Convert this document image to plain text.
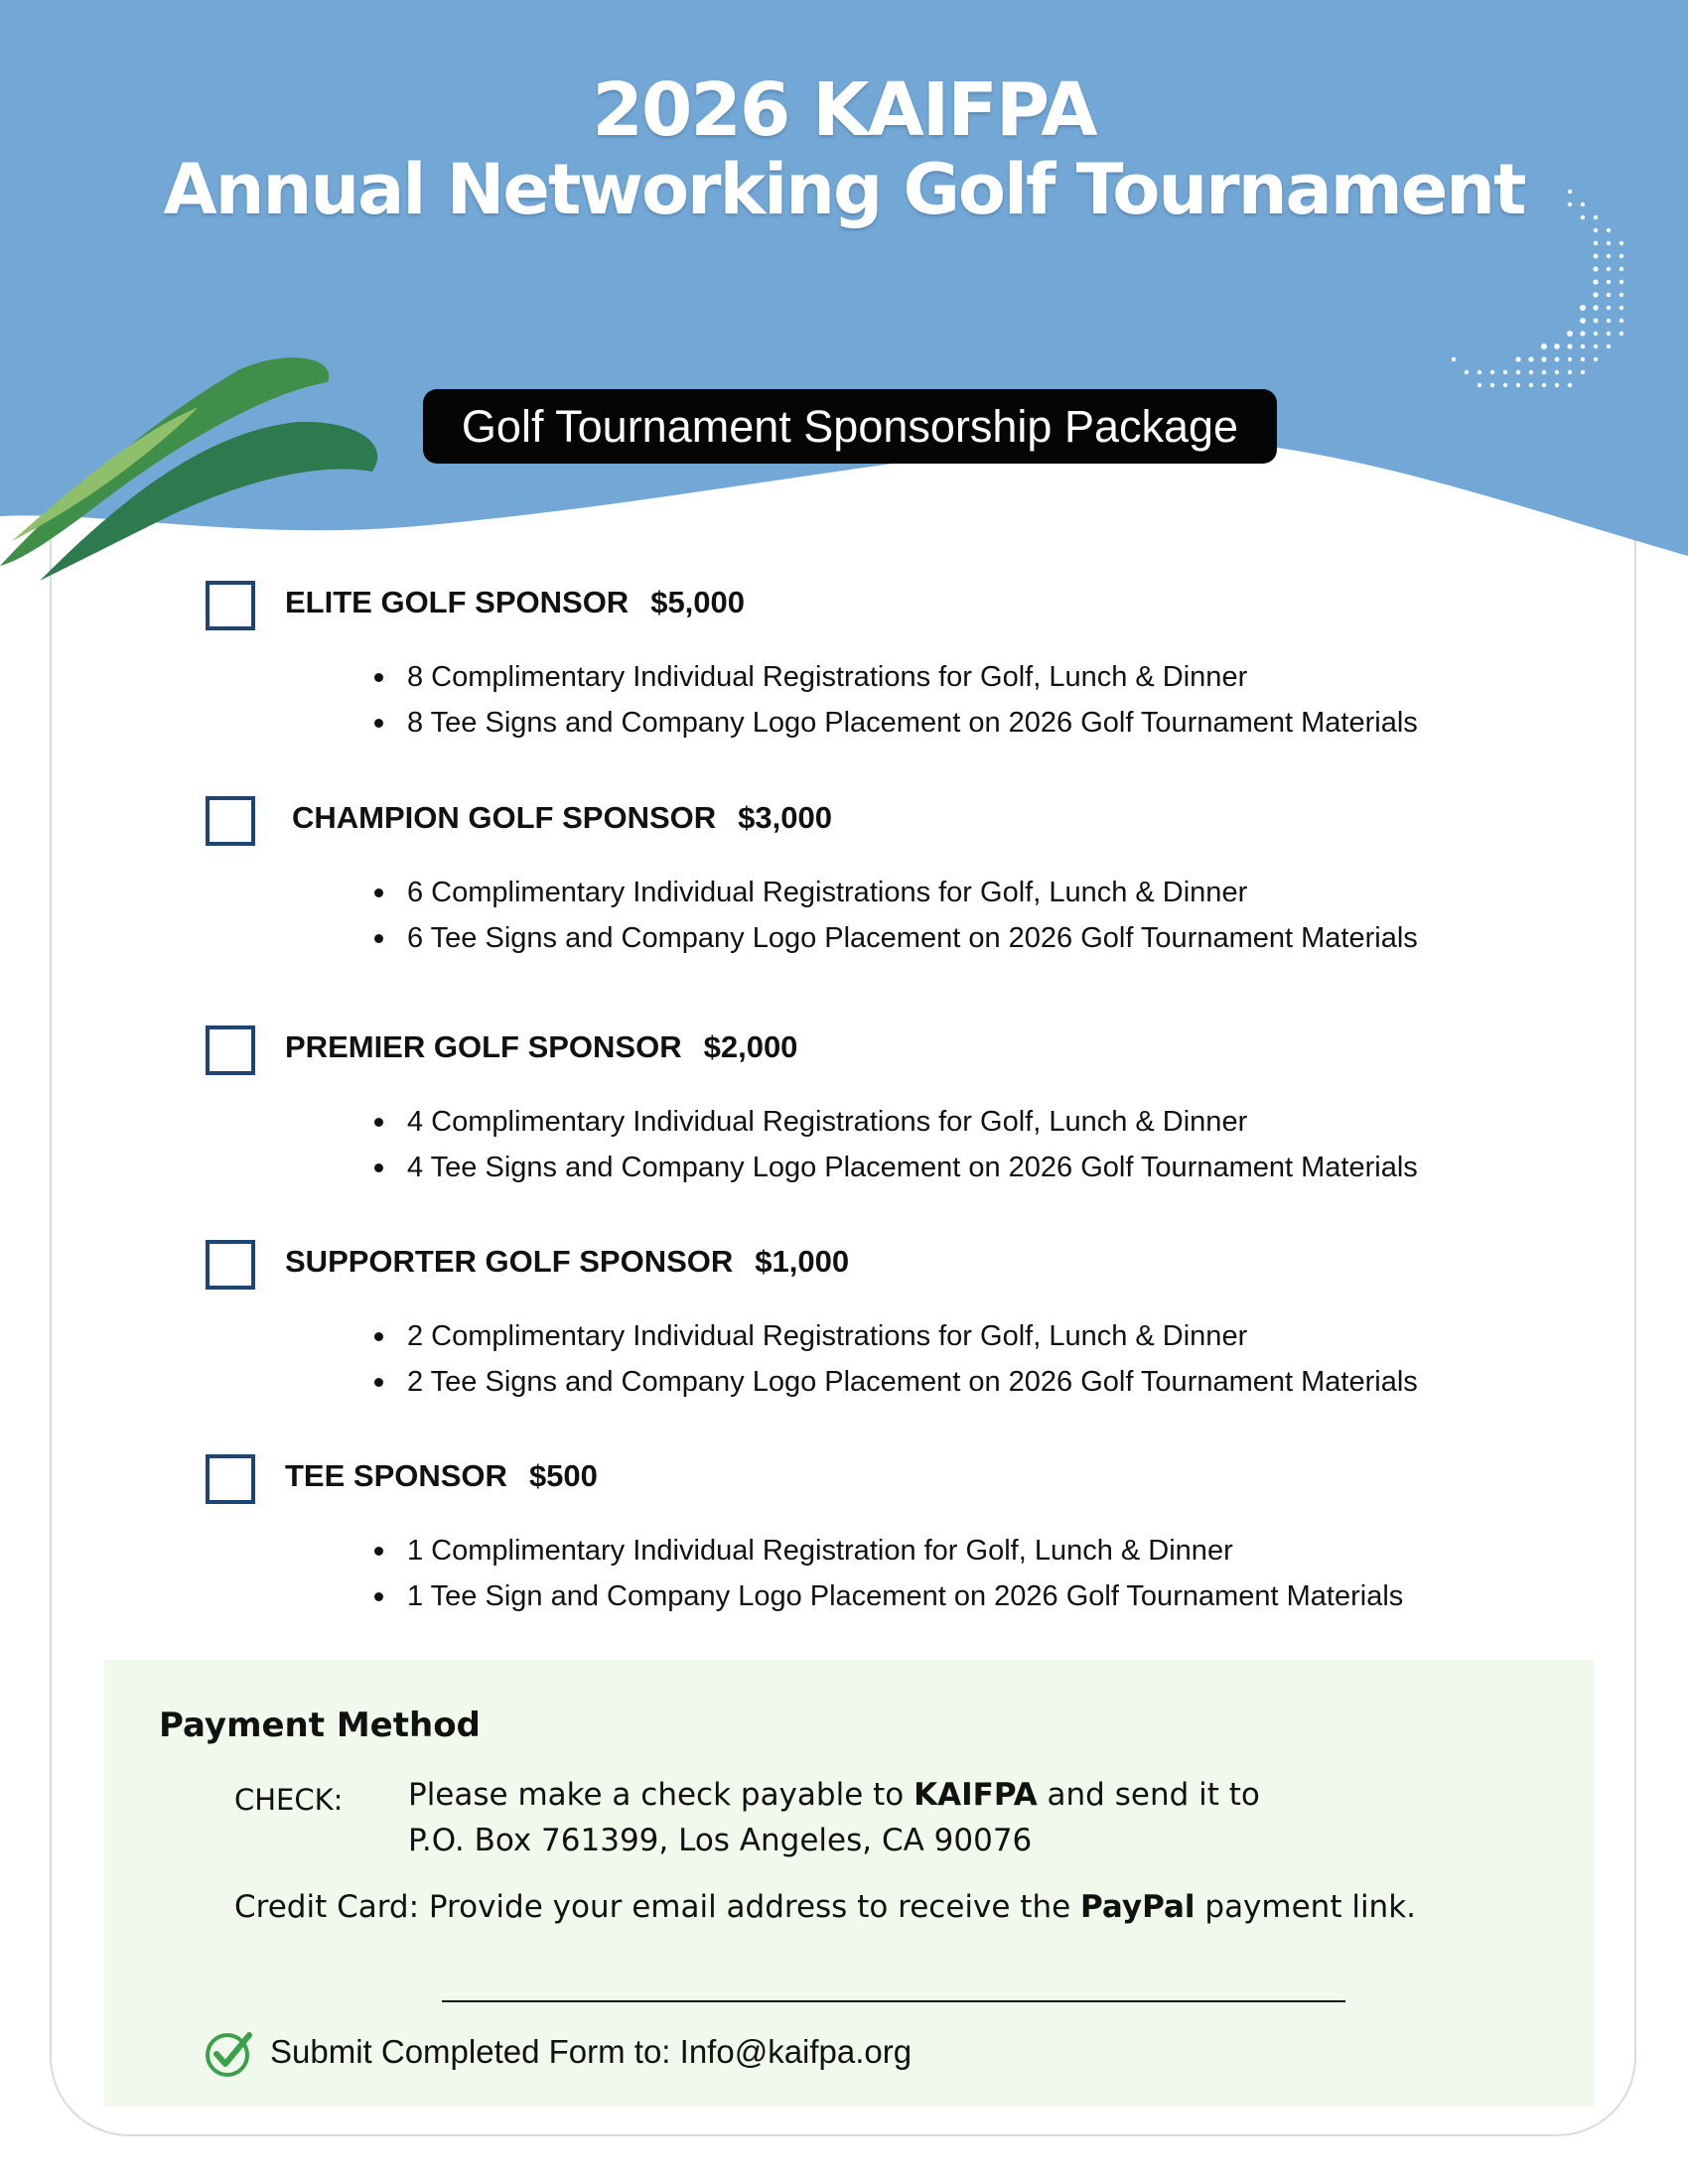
2026 KAIFPA
Annual Networking Golf Tournament
Golf Tournament Sponsorship Package
ELITE GOLF SPONSOR $5,000
8 Complimentary Individual Registrations for Golf, Lunch & Dinner
8 Tee Signs and Company Logo Placement on 2026 Golf Tournament Materials
CHAMPION GOLF SPONSOR $3,000
6 Complimentary Individual Registrations for Golf, Lunch & Dinner
6 Tee Signs and Company Logo Placement on 2026 Golf Tournament Materials
PREMIER GOLF SPONSOR $2,000
4 Complimentary Individual Registrations for Golf, Lunch & Dinner
4 Tee Signs and Company Logo Placement on 2026 Golf Tournament Materials
SUPPORTER GOLF SPONSOR $1,000
2 Complimentary Individual Registrations for Golf, Lunch & Dinner
2 Tee Signs and Company Logo Placement on 2026 Golf Tournament Materials
TEE SPONSOR $500
1 Complimentary Individual Registration for Golf, Lunch & Dinner
1 Tee Sign and Company Logo Placement on 2026 Golf Tournament Materials
Payment Method
CHECK: Please make a check payable to KAIFPA and send it to
P.O. Box 761399, Los Angeles, CA 90076
Credit Card: Provide your email address to receive the PayPal payment link.
Submit Completed Form to: Info@kaifpa.org
